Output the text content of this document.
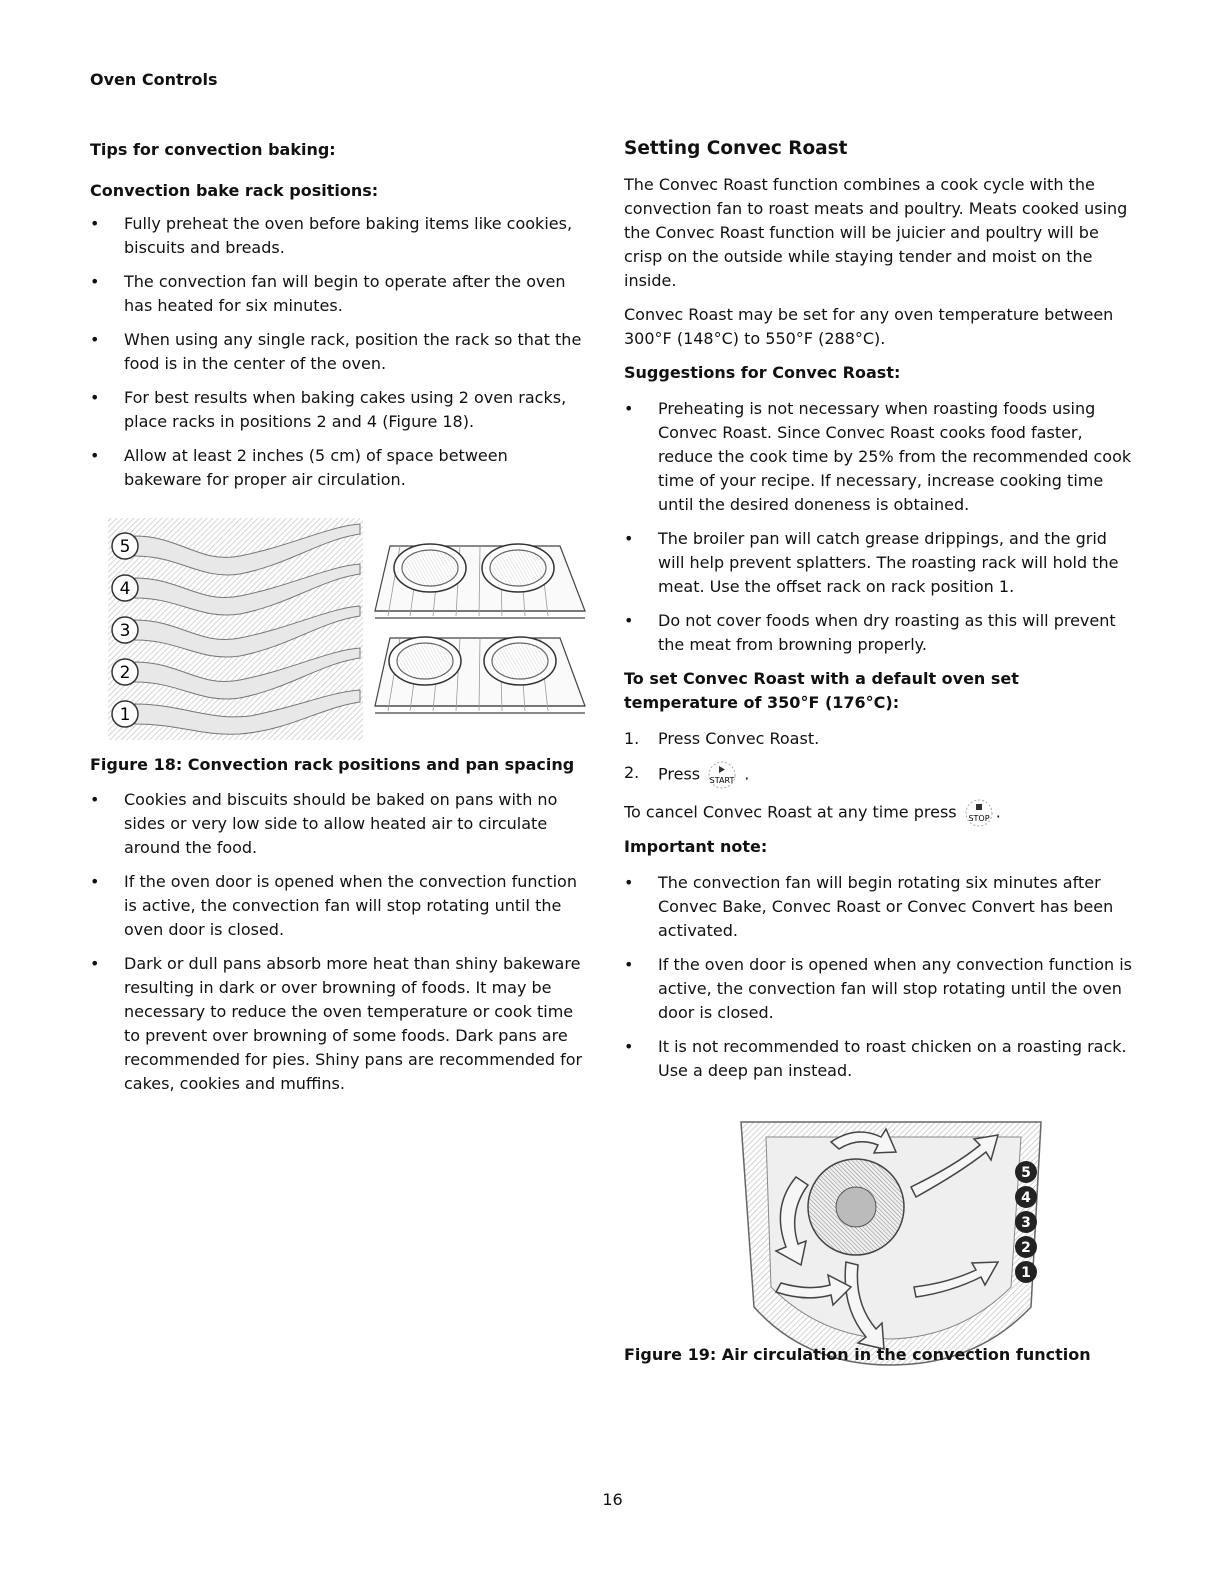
Oven Controls
Tips for convection baking:
Convection bake rack positions:
• Fully preheat the oven before baking items like cookies, biscuits and breads.
• The convection fan will begin to operate after the oven has heated for six minutes.
• When using any single rack, position the rack so that the food is in the center of the oven.
• For best results when baking cakes using 2 oven racks, place racks in positions 2 and 4 (Figure 18).
• Allow at least 2 inches (5 cm) of space between bakeware for proper air circulation.
5
4
3
2
1
Figure 18: Convection rack positions and pan spacing
• Cookies and biscuits should be baked on pans with no sides or very low side to allow heated air to circulate around the food.
• If the oven door is opened when the convection function is active, the convection fan will stop rotating until the oven door is closed.
• Dark or dull pans absorb more heat than shiny bakeware resulting in dark or over browning of foods. It may be necessary to reduce the oven temperature or cook time to prevent over browning of some foods. Dark pans are recommended for pies. Shiny pans are recommended for cakes, cookies and muffins.
Setting Convec Roast

The Convec Roast function combines a cook cycle with the convection fan to roast meats and poultry. Meats cooked using the Convec Roast function will be juicier and poultry will be crisp on the outside while staying tender and moist on the inside.

Convec Roast may be set for any oven temperature between 300°F (148°C) to 550°F (288°C).

Suggestions for Convec Roast:
• Preheating is not necessary when roasting foods using Convec Roast. Since Convec Roast cooks food faster, reduce the cook time by 25% from the recommended cook time of your recipe. If necessary, increase cooking time until the desired doneness is obtained.
• The broiler pan will catch grease drippings, and the grid will help prevent splatters. The roasting rack will hold the meat. Use the offset rack on rack position 1.
• Do not cover foods when dry roasting as this will prevent the meat from browning properly.
To set Convec Roast with a default oven set temperature of 350°F (176°C):
1. Press Convec Roast.
2. Press START .

To cancel Convec Roast at any time press STOP .

Important note:
• The convection fan will begin rotating six minutes after Convec Bake, Convec Roast or Convec Convert has been activated.
• If the oven door is opened when any convection function is active, the convection fan will stop rotating until the oven door is closed.
• It is not recommended to roast chicken on a roasting rack. Use a deep pan instead.
5
4
3
2
1
Figure 19: Air circulation in the convection function
16
